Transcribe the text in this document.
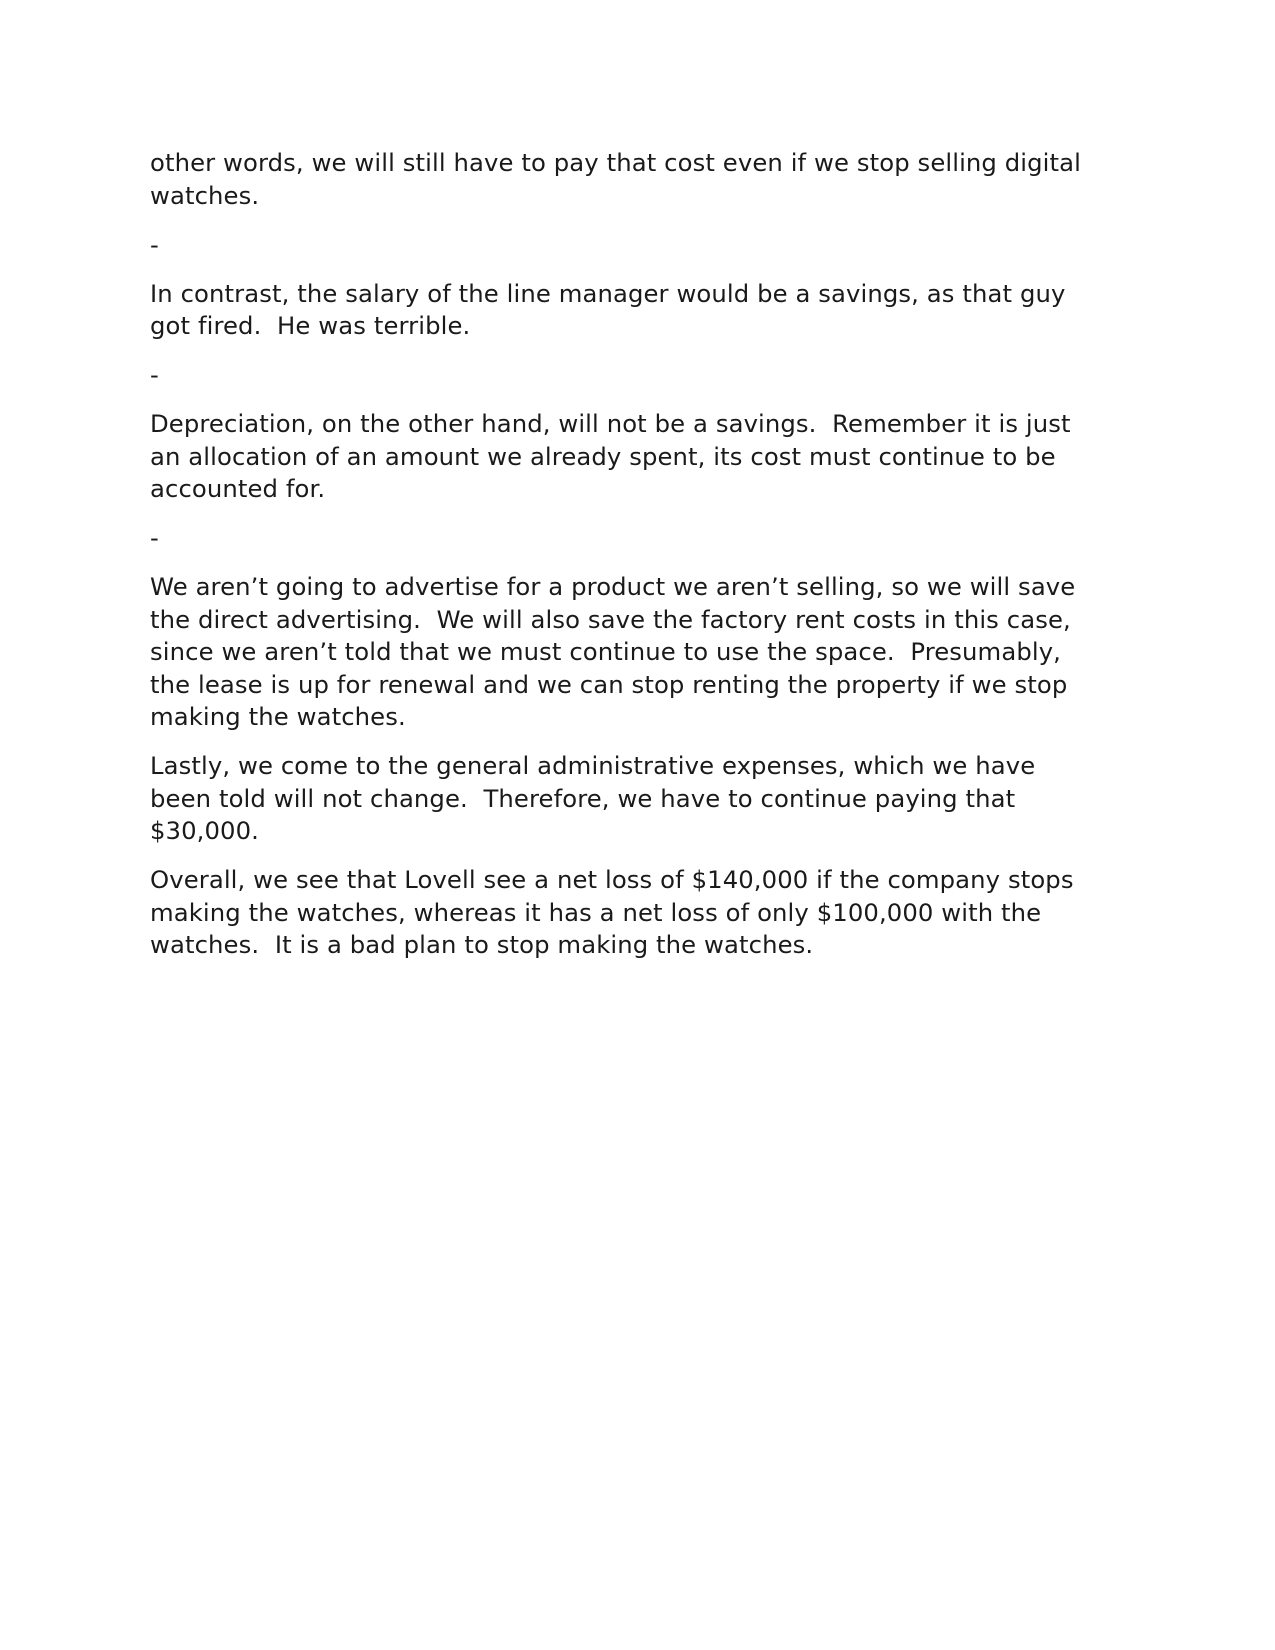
other words, we will still have to pay that cost even if we stop selling digital
watches.

-

In contrast, the salary of the line manager would be a savings, as that guy
got fired.  He was terrible.

-

Depreciation, on the other hand, will not be a savings.  Remember it is just
an allocation of an amount we already spent, its cost must continue to be
accounted for.

-

We aren’t going to advertise for a product we aren’t selling, so we will save
the direct advertising.  We will also save the factory rent costs in this case,
since we aren’t told that we must continue to use the space.  Presumably,
the lease is up for renewal and we can stop renting the property if we stop
making the watches.

Lastly, we come to the general administrative expenses, which we have
been told will not change.  Therefore, we have to continue paying that
$30,000.

Overall, we see that Lovell see a net loss of $140,000 if the company stops
making the watches, whereas it has a net loss of only $100,000 with the
watches.  It is a bad plan to stop making the watches.
